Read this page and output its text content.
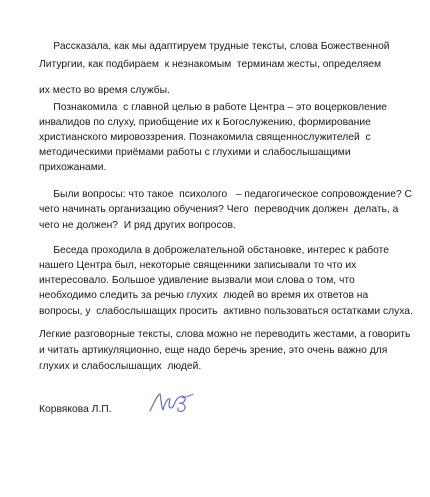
Рассказала, как мы адаптируем трудные тексты, слова Божественной
Литургии, как подбираем  к незнакомым  терминам жесты, определяем
их место во время службы.
Познакомила  с главной целью в работе Центра – это воцерковление
инвалидов по слуху, приобщение их к Богослужению, формирование
христианского мировоззрения. Познакомила священнослужителей  с
методическими приёмами работы с глухими и слабослышащими
прихожанами.
Были вопросы: что такое  психолого   – педагогическое сопровождение? С
чего начинать организацию обучения? Чего  переводчик должен  делать, а
чего не должен?  И ряд других вопросов.
Беседа проходила в доброжелательной обстановке, интерес к работе
нашего Центра был, некоторые священники записывали то что их
интересовало. Большое удивление вызвали мои слова о том, что
необходимо следить за речью глухих  людей во время их ответов на
вопросы, у  слабослышащих просить  активно пользоваться остатками слуха.
Легкие разговорные тексты, слова можно не переводить жестами, а говорить
и читать артикуляционно, еще надо беречь зрение, это очень важно для
глухих и слабослышащих  людей.
Корвякова Л.П.
